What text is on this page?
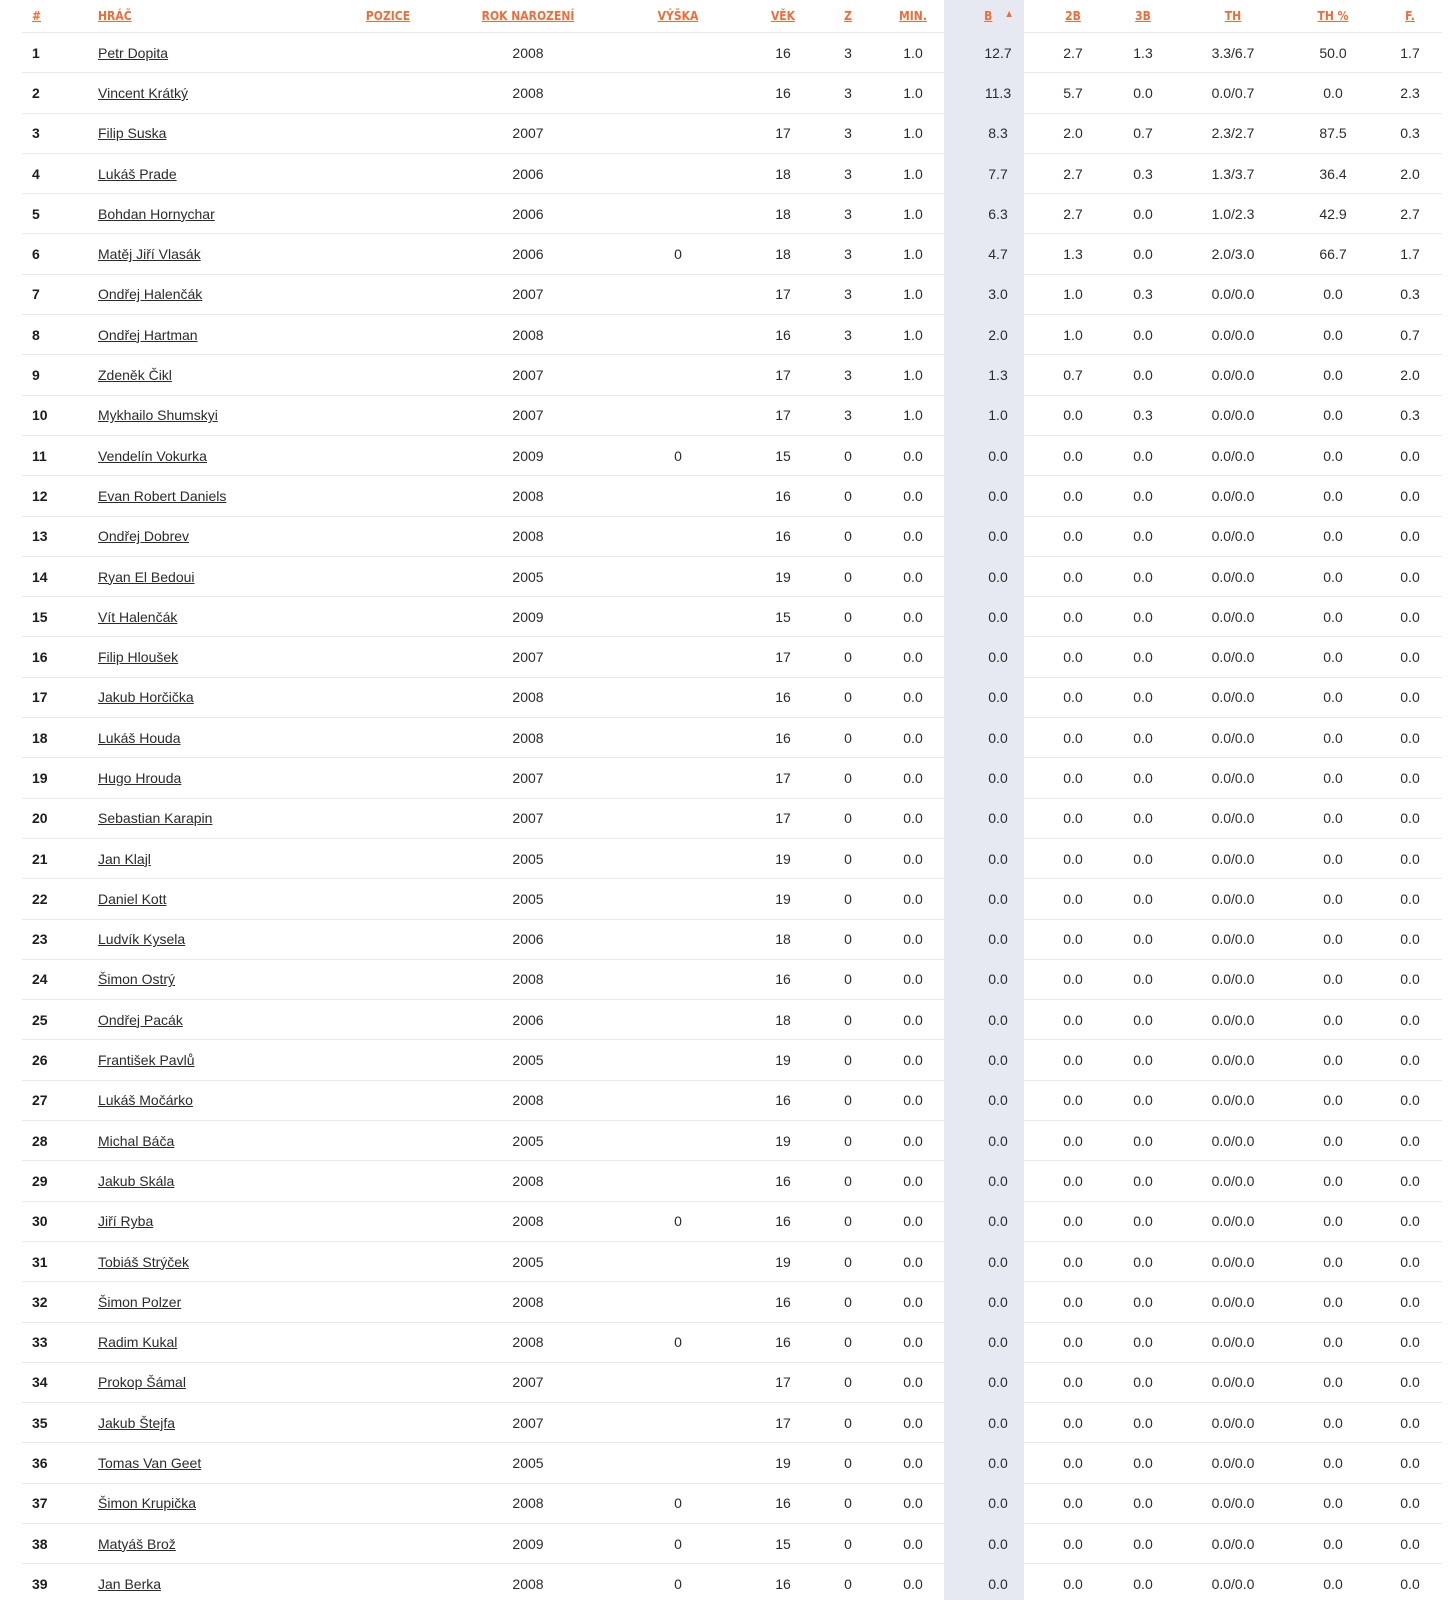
#	HRÁČ	POZICE	ROK NAROZENÍ	VÝŠKA	VĚK	Z	MIN.	B ▲	2B	3B	TH	TH %	F.
1	Petr Dopita		2008		16	3	1.0	12.7	2.7	1.3	3.3/6.7	50.0	1.7
2	Vincent Krátký		2008		16	3	1.0	11.3	5.7	0.0	0.0/0.7	0.0	2.3
3	Filip Suska		2007		17	3	1.0	8.3	2.0	0.7	2.3/2.7	87.5	0.3
4	Lukáš Prade		2006		18	3	1.0	7.7	2.7	0.3	1.3/3.7	36.4	2.0
5	Bohdan Hornychar		2006		18	3	1.0	6.3	2.7	0.0	1.0/2.3	42.9	2.7
6	Matěj Jiří Vlasák		2006	0	18	3	1.0	4.7	1.3	0.0	2.0/3.0	66.7	1.7
7	Ondřej Halenčák		2007		17	3	1.0	3.0	1.0	0.3	0.0/0.0	0.0	0.3
8	Ondřej Hartman		2008		16	3	1.0	2.0	1.0	0.0	0.0/0.0	0.0	0.7
9	Zdeněk Čikl		2007		17	3	1.0	1.3	0.7	0.0	0.0/0.0	0.0	2.0
10	Mykhailo Shumskyi		2007		17	3	1.0	1.0	0.0	0.3	0.0/0.0	0.0	0.3
11	Vendelín Vokurka		2009	0	15	0	0.0	0.0	0.0	0.0	0.0/0.0	0.0	0.0
12	Evan Robert Daniels		2008		16	0	0.0	0.0	0.0	0.0	0.0/0.0	0.0	0.0
13	Ondřej Dobrev		2008		16	0	0.0	0.0	0.0	0.0	0.0/0.0	0.0	0.0
14	Ryan El Bedoui		2005		19	0	0.0	0.0	0.0	0.0	0.0/0.0	0.0	0.0
15	Vít Halenčák		2009		15	0	0.0	0.0	0.0	0.0	0.0/0.0	0.0	0.0
16	Filip Hloušek		2007		17	0	0.0	0.0	0.0	0.0	0.0/0.0	0.0	0.0
17	Jakub Horčička		2008		16	0	0.0	0.0	0.0	0.0	0.0/0.0	0.0	0.0
18	Lukáš Houda		2008		16	0	0.0	0.0	0.0	0.0	0.0/0.0	0.0	0.0
19	Hugo Hrouda		2007		17	0	0.0	0.0	0.0	0.0	0.0/0.0	0.0	0.0
20	Sebastian Karapin		2007		17	0	0.0	0.0	0.0	0.0	0.0/0.0	0.0	0.0
21	Jan Klajl		2005		19	0	0.0	0.0	0.0	0.0	0.0/0.0	0.0	0.0
22	Daniel Kott		2005		19	0	0.0	0.0	0.0	0.0	0.0/0.0	0.0	0.0
23	Ludvík Kysela		2006		18	0	0.0	0.0	0.0	0.0	0.0/0.0	0.0	0.0
24	Šimon Ostrý		2008		16	0	0.0	0.0	0.0	0.0	0.0/0.0	0.0	0.0
25	Ondřej Pacák		2006		18	0	0.0	0.0	0.0	0.0	0.0/0.0	0.0	0.0
26	František Pavlů		2005		19	0	0.0	0.0	0.0	0.0	0.0/0.0	0.0	0.0
27	Lukáš Močárko		2008		16	0	0.0	0.0	0.0	0.0	0.0/0.0	0.0	0.0
28	Michal Báča		2005		19	0	0.0	0.0	0.0	0.0	0.0/0.0	0.0	0.0
29	Jakub Skála		2008		16	0	0.0	0.0	0.0	0.0	0.0/0.0	0.0	0.0
30	Jiří Ryba		2008	0	16	0	0.0	0.0	0.0	0.0	0.0/0.0	0.0	0.0
31	Tobiáš Strýček		2005		19	0	0.0	0.0	0.0	0.0	0.0/0.0	0.0	0.0
32	Šimon Polzer		2008		16	0	0.0	0.0	0.0	0.0	0.0/0.0	0.0	0.0
33	Radim Kukal		2008	0	16	0	0.0	0.0	0.0	0.0	0.0/0.0	0.0	0.0
34	Prokop Šámal		2007		17	0	0.0	0.0	0.0	0.0	0.0/0.0	0.0	0.0
35	Jakub Štejfa		2007		17	0	0.0	0.0	0.0	0.0	0.0/0.0	0.0	0.0
36	Tomas Van Geet		2005		19	0	0.0	0.0	0.0	0.0	0.0/0.0	0.0	0.0
37	Šimon Krupička		2008	0	16	0	0.0	0.0	0.0	0.0	0.0/0.0	0.0	0.0
38	Matyáš Brož		2009	0	15	0	0.0	0.0	0.0	0.0	0.0/0.0	0.0	0.0
39	Jan Berka		2008	0	16	0	0.0	0.0	0.0	0.0	0.0/0.0	0.0	0.0
